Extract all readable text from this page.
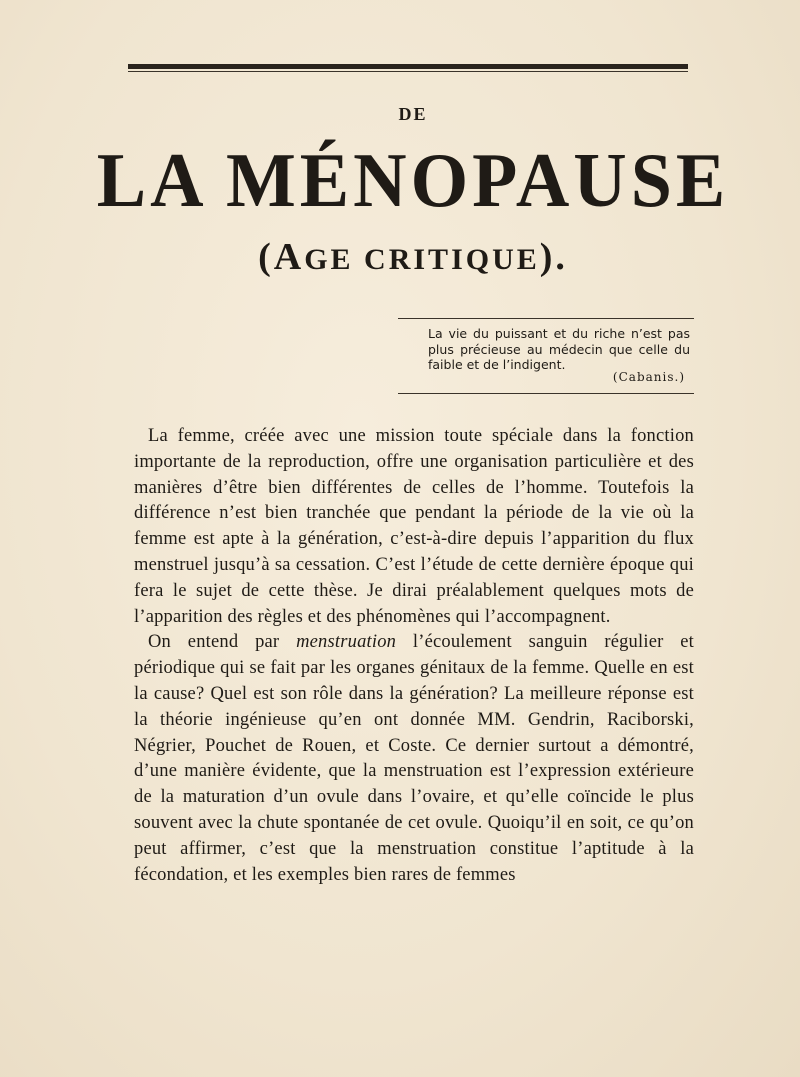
DE
LA MÉNOPAUSE
(AGE CRITIQUE).
La vie du puissant et du riche n’est pas plus précieuse au médecin que celle du faible et de l’indigent.
(Cabanis.)

La femme, créée avec une mission toute spéciale dans la fonction importante de la reproduction, offre une organisation particulière et des manières d’être bien différentes de celles de l’homme. Toutefois la différence n’est bien tranchée que pendant la période de la vie où la femme est apte à la génération, c’est-à-dire depuis l’apparition du flux menstruel jusqu’à sa cessation. C’est l’étude de cette dernière époque qui fera le sujet de cette thèse. Je dirai préalablement quelques mots de l’apparition des règles et des phénomènes qui l’accompagnent.

On entend par menstruation l’écoulement sanguin régulier et périodique qui se fait par les organes génitaux de la femme. Quelle en est la cause? Quel est son rôle dans la génération? La meilleure réponse est la théorie ingénieuse qu’en ont donnée MM. Gendrin, Raciborski, Négrier, Pouchet de Rouen, et Coste. Ce dernier surtout a démontré, d’une manière évidente, que la menstruation est l’expression extérieure de la maturation d’un ovule dans l’ovaire, et qu’elle coïncide le plus souvent avec la chute spontanée de cet ovule. Quoiqu’il en soit, ce qu’on peut affirmer, c’est que la menstruation constitue l’aptitude à la fécondation, et les exemples bien rares de femmes
